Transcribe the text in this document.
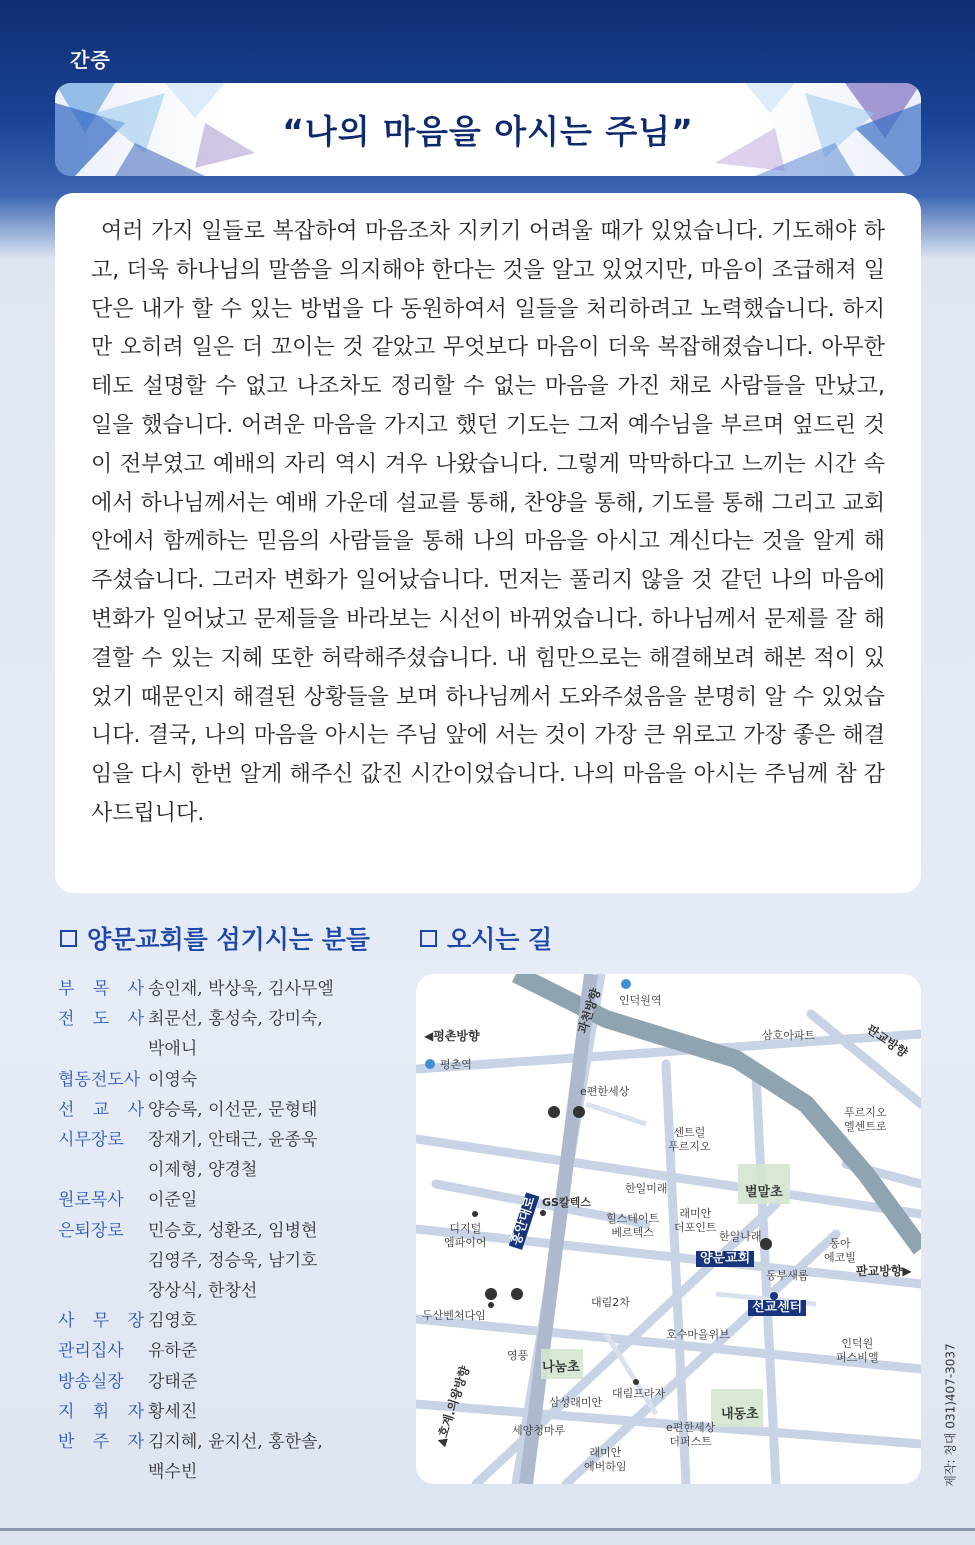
간증
“나의 마음을 아시는 주님”

여러 가지 일들로 복잡하여 마음조차 지키기 어려울 때가 있었습니다. 기도해야 하고, 더욱 하나님의 말씀을 의지해야 한다는 것을 알고 있었지만, 마음이 조급해져 일단은 내가 할 수 있는 방법을 다 동원하여서 일들을 처리하려고 노력했습니다. 하지만 오히려 일은 더 꼬이는 것 같았고 무엇보다 마음이 더욱 복잡해졌습니다. 아무한테도 설명할 수 없고 나조차도 정리할 수 없는 마음을 가진 채로 사람들을 만났고, 일을 했습니다. 어려운 마음을 가지고 했던 기도는 그저 예수님을 부르며 엎드린 것이 전부였고 예배의 자리 역시 겨우 나왔습니다. 그렇게 막막하다고 느끼는 시간 속에서 하나님께서는 예배 가운데 설교를 통해, 찬양을 통해, 기도를 통해 그리고 교회 안에서 함께하는 믿음의 사람들을 통해 나의 마음을 아시고 계신다는 것을 알게 해주셨습니다. 그러자 변화가 일어났습니다. 먼저는 풀리지 않을 것 같던 나의 마음에 변화가 일어났고 문제들을 바라보는 시선이 바뀌었습니다. 하나님께서 문제를 잘 해결할 수 있는 지혜 또한 허락해주셨습니다. 내 힘만으로는 해결해보려 해본 적이 있었기 때문인지 해결된 상황들을 보며 하나님께서 도와주셨음을 분명히 알 수 있었습니다. 결국, 나의 마음을 아시는 주님 앞에 서는 것이 가장 큰 위로고 가장 좋은 해결임을 다시 한번 알게 해주신 값진 시간이었습니다. 나의 마음을 아시는 주님께 참 감사드립니다.

양문교회를 섬기시는 분들	오시는 길
부 목 사 송인재, 박상욱, 김사무엘
전 도 사 최문선, 홍성숙, 강미숙,
박애니
협동전도사 이영숙
선 교 사 양승록, 이선문, 문형태
시무장로 장재기, 안태근, 윤종욱
이제형, 양경철
원로목사 이준일
은퇴장로 민승호, 성환조, 임병현
김영주, 정승욱, 남기호
장상식, 한창선
사 무 장 김영호
관리집사 유하준
방송실장 강태준
지 휘 자 황세진
반 주 자 김지혜, 윤지선, 홍한솔,
백수빈
과천방향
◀평촌방향	판교방향
판교방향▶
▲호계.의왕방향
흥안대로
학의천
인덕원역
평촌역
삼호아파트
e편한세상
센트럴
푸르지오
푸르지오
엘센트로
한일미래
래미안
더포인트
힐스테이트
베르텍스
GS칼텍스
디지털
엠파이어
벌말초
한일나래
동아
에코빌
양문교회
동부새롬
선교센터
대림2차
두산벤처다임
호수마을위브
인덕원
퍼스비엘
영풍
나눔초
대림프라자
삼성래미안
세양청마루
내동초
e편한세상
더퍼스트
래미안
에버하임	제작: 청대 031)407-3037
